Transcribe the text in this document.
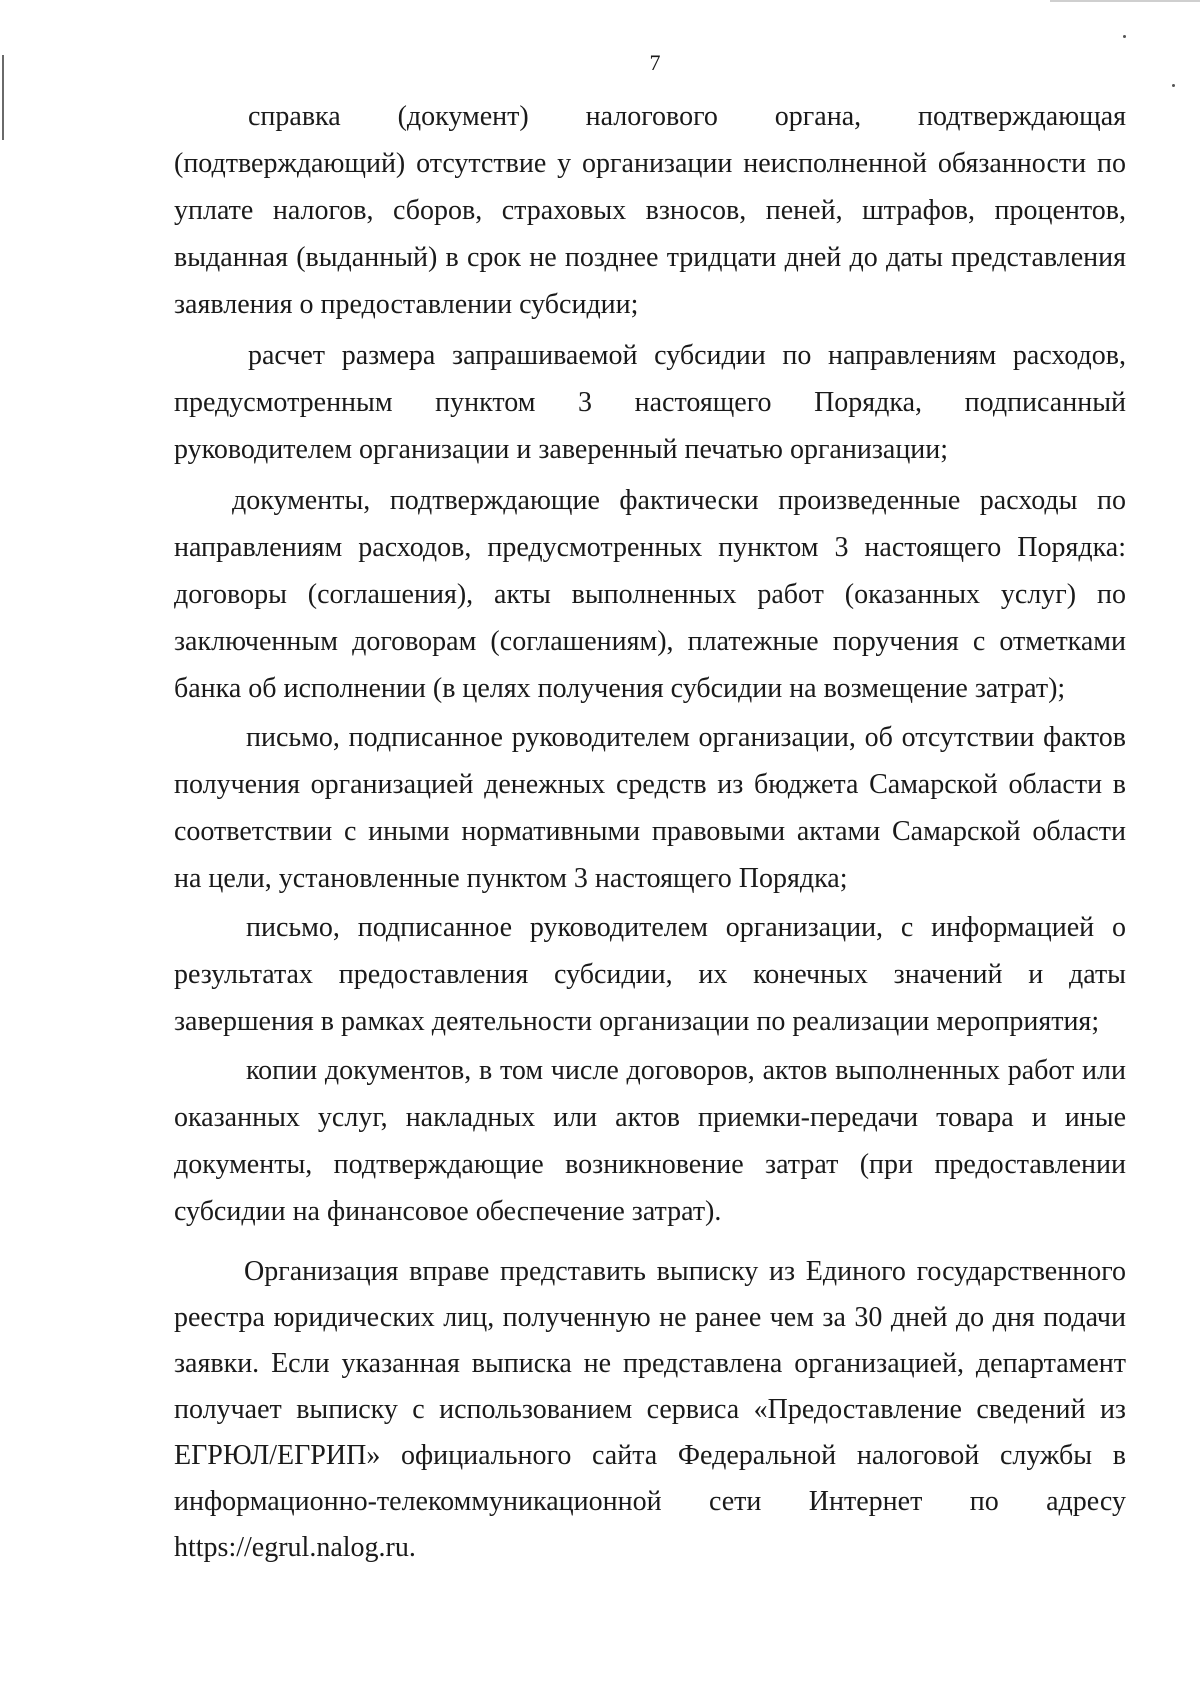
7

справка (документ) налогового органа, подтверждающая (подтверждающий) отсутствие у организации неисполненной обязанности по уплате налогов, сборов, страховых взносов, пеней, штрафов, процентов, выданная (выданный) в срок не позднее тридцати дней до даты представления заявления о предоставлении субсидии;

расчет размера запрашиваемой субсидии по направлениям расходов, предусмотренным пунктом 3 настоящего Порядка, подписанный руководителем организации и заверенный печатью организации;

документы, подтверждающие фактически произведенные расходы по направлениям расходов, предусмотренных пунктом 3 настоящего Порядка: договоры (соглашения), акты выполненных работ (оказанных услуг) по заключенным договорам (соглашениям), платежные поручения с отметками банка об исполнении (в целях получения субсидии на возмещение затрат);

письмо, подписанное руководителем организации, об отсутствии фактов получения организацией денежных средств из бюджета Самарской области в соответствии с иными нормативными правовыми актами Самарской области на цели, установленные пунктом 3 настоящего Порядка;

письмо, подписанное руководителем организации, с информацией о результатах предоставления субсидии, их конечных значений и даты завершения в рамках деятельности организации по реализации мероприятия;

копии документов, в том числе договоров, актов выполненных работ или оказанных услуг, накладных или актов приемки-передачи товара и иные документы, подтверждающие возникновение затрат (при предоставлении субсидии на финансовое обеспечение затрат).

Организация вправе представить выписку из Единого государственного реестра юридических лиц, полученную не ранее чем за 30 дней до дня подачи заявки. Если указанная выписка не представлена организацией, департамент получает выписку с использованием сервиса «Предоставление сведений из ЕГРЮЛ/ЕГРИП» официального сайта Федеральной налоговой службы в информационно-телекоммуникационной сети Интернет по адресу https://egrul.nalog.ru.
